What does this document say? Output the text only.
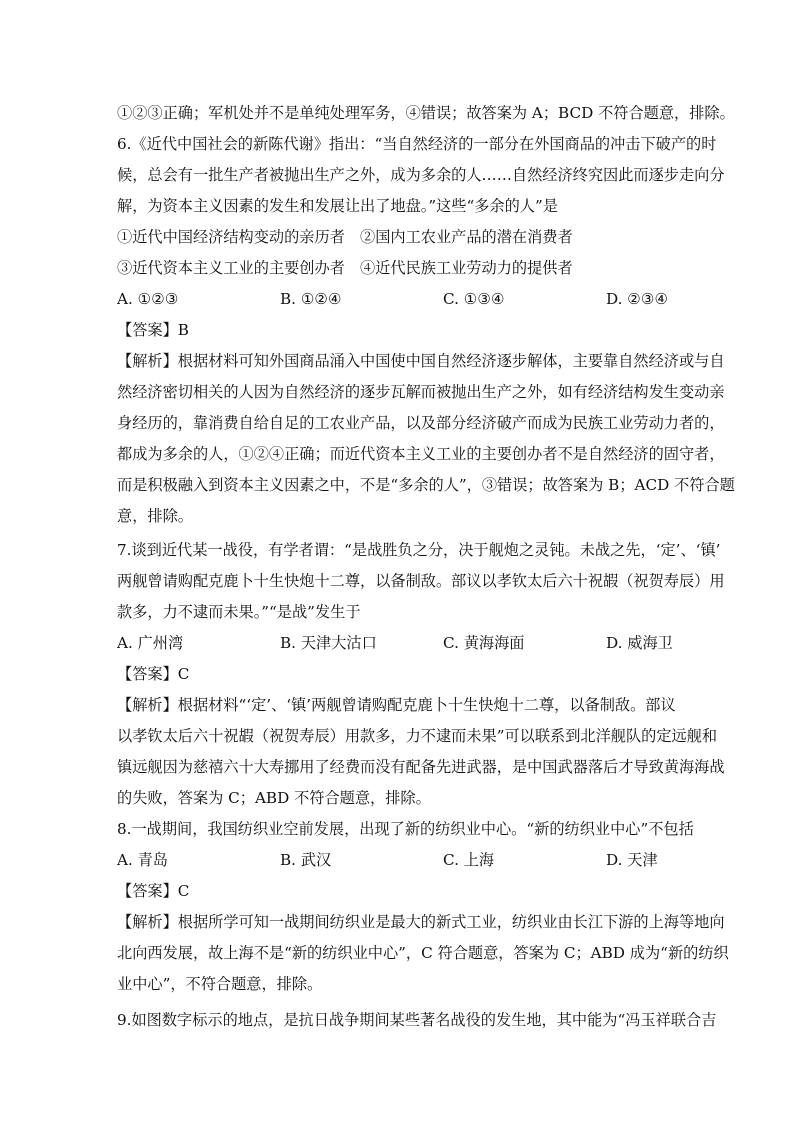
①②③正确；军机处并不是单纯处理军务，④错误；故答案为 A；BCD 不符合题意，排除。
6.《近代中国社会的新陈代谢》指出：“当自然经济的一部分在外国商品的冲击下破产的时
候，总会有一批生产者被抛出生产之外，成为多余的人……自然经济终究因此而逐步走向分
解，为资本主义因素的发生和发展让出了地盘。”这些“多余的人”是
①近代中国经济结构变动的亲历者　②国内工农业产品的潜在消费者
③近代资本主义工业的主要创办者　④近代民族工业劳动力的提供者
A. ①②③	B. ①②④	C. ①③④	D. ②③④
【答案】B
【解析】根据材料可知外国商品涌入中国使中国自然经济逐步解体，主要靠自然经济或与自
然经济密切相关的人因为自然经济的逐步瓦解而被抛出生产之外，如有经济结构发生变动亲
身经历的，靠消费自给自足的工农业产品，以及部分经济破产而成为民族工业劳动力者的，
都成为多余的人，①②④正确；而近代资本主义工业的主要创办者不是自然经济的固守者，
而是积极融入到资本主义因素之中，不是“多余的人”，③错误；故答案为 B；ACD 不符合题
意，排除。
7.谈到近代某一战役，有学者谓：“是战胜负之分，决于舰炮之灵钝。未战之先，‘定’、‘镇’
两舰曾请购配克鹿卜十生快炮十二尊，以备制敌。部议以孝钦太后六十祝嘏（祝贺寿辰）用
款多，力不逮而未果。”“是战”发生于
A. 广州湾	B. 天津大沽口	C. 黄海海面	D. 威海卫
【答案】C
【解析】根据材料“‘定’、‘镇’两舰曾请购配克鹿卜十生快炮十二尊，以备制敌。部议
以孝钦太后六十祝嘏（祝贺寿辰）用款多，力不逮而未果”可以联系到北洋舰队的定远舰和
镇远舰因为慈禧六十大寿挪用了经费而没有配备先进武器，是中国武器落后才导致黄海海战
的失败，答案为 C；ABD 不符合题意，排除。
8.一战期间，我国纺织业空前发展，出现了新的纺织业中心。“新的纺织业中心”不包括
A. 青岛	B. 武汉	C. 上海	D. 天津
【答案】C
【解析】根据所学可知一战期间纺织业是最大的新式工业，纺织业由长江下游的上海等地向
北向西发展，故上海不是“新的纺织业中心”，C 符合题意，答案为 C；ABD 成为“新的纺织
业中心”，不符合题意，排除。
9.如图数字标示的地点，是抗日战争期间某些著名战役的发生地，其中能为“冯玉祥联合吉
